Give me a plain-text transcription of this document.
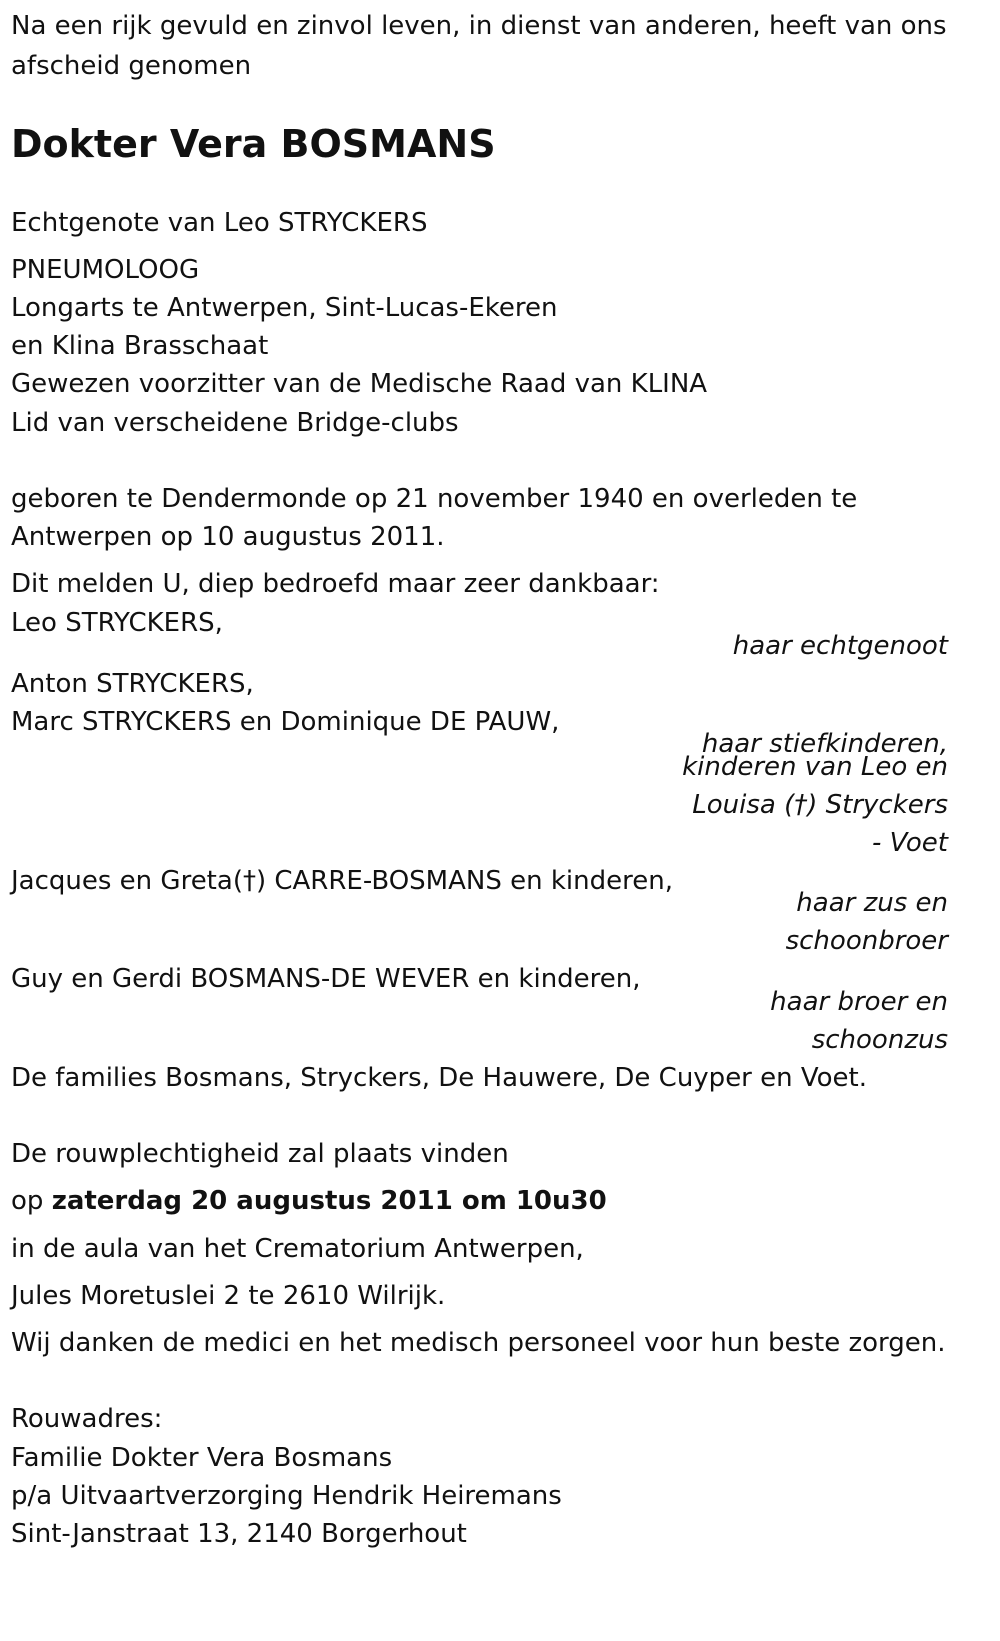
Na een rijk gevuld en zinvol leven, in dienst van anderen, heeft van ons afscheid genomen
Dokter Vera BOSMANS
Echtgenote van Leo STRYCKERS
PNEUMOLOOG
Longarts te Antwerpen, Sint-Lucas-Ekeren
en Klina Brasschaat
Gewezen voorzitter van de Medische Raad van KLINA
Lid van verscheidene Bridge-clubs
geboren te Dendermonde op 21 november 1940 en overleden te
Antwerpen op 10 augustus 2011.
Dit melden U, diep bedroefd maar zeer dankbaar:
Leo STRYCKERS,
haar echtgenoot
Anton STRYCKERS,
Marc STRYCKERS en Dominique DE PAUW,
haar stiefkinderen,
kinderen van Leo en
Louisa (†) Stryckers
- Voet
Jacques en Greta(†) CARRE-BOSMANS en kinderen,
haar zus en
schoonbroer
Guy en Gerdi BOSMANS-DE WEVER en kinderen,
haar broer en
schoonzus
De families Bosmans, Stryckers, De Hauwere, De Cuyper en Voet.
De rouwplechtigheid zal plaats vinden
op zaterdag 20 augustus 2011 om 10u30
in de aula van het Crematorium Antwerpen,
Jules Moretuslei 2 te 2610 Wilrijk.
Wij danken de medici en het medisch personeel voor hun beste zorgen.
Rouwadres:
Familie Dokter Vera Bosmans
p/a Uitvaartverzorging Hendrik Heiremans
Sint-Janstraat 13, 2140 Borgerhout
